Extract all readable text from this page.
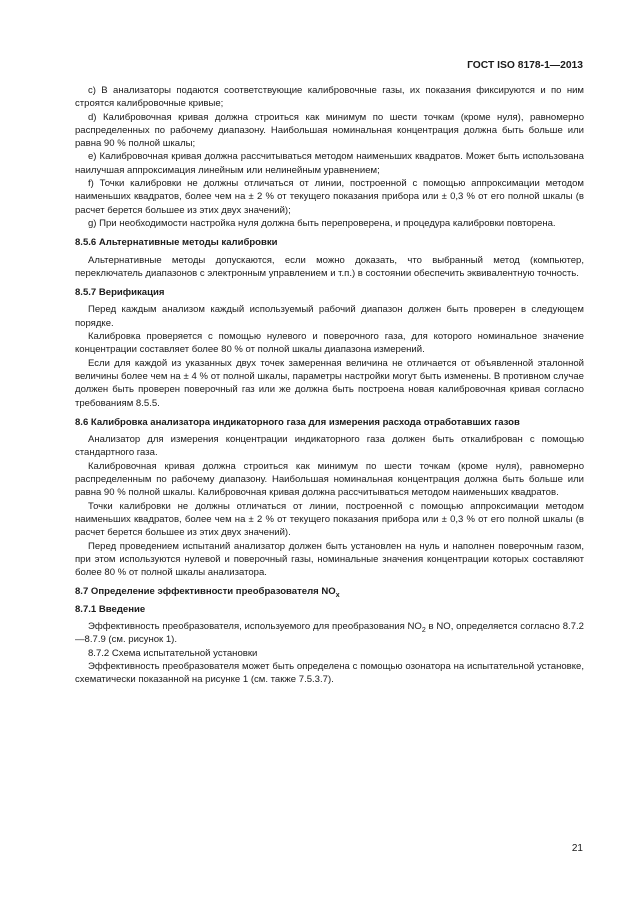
ГОСТ ISO 8178-1—2013

c) В анализаторы подаются соответствующие калибровочные газы, их показания фиксируются и по ним строятся калибровочные кривые;

d) Калибровочная кривая должна строиться как минимум по шести точкам (кроме нуля), равномерно распределенных по рабочему диапазону. Наибольшая номинальная концентрация должна быть больше или равна 90 % полной шкалы;

e) Калибровочная кривая должна рассчитываться методом наименьших квадратов. Может быть использована наилучшая аппроксимация линейным или нелинейным уравнением;

f) Точки калибровки не должны отличаться от линии, построенной с помощью аппроксимации методом наименьших квадратов, более чем на ± 2 % от текущего показания прибора или ± 0,3 % от его полной шкалы (в расчет берется большее из этих двух значений);

g) При необходимости настройка нуля должна быть перепроверена, и процедура калибровки повторена.

8.5.6 Альтернативные методы калибровки

Альтернативные методы допускаются, если можно доказать, что выбранный метод (компьютер, переключатель диапазонов с электронным управлением и т.п.) в состоянии обеспечить эквивалентную точность.

8.5.7 Верификация

Перед каждым анализом каждый используемый рабочий диапазон должен быть проверен в следующем порядке.

Калибровка проверяется с помощью нулевого и поверочного газа, для которого номинальное значение концентрации составляет более 80 % от полной шкалы диапазона измерений.

Если для каждой из указанных двух точек замеренная величина не отличается от объявленной эталонной величины более чем на ± 4 % от полной шкалы, параметры настройки могут быть изменены. В противном случае должен быть проверен поверочный газ или же должна быть построена новая калибровочная кривая согласно требованиям 8.5.5.

8.6 Калибровка анализатора индикаторного газа для измерения расхода отработавших газов

Анализатор для измерения концентрации индикаторного газа должен быть откалиброван с помощью стандартного газа.

Калибровочная кривая должна строиться как минимум по шести точкам (кроме нуля), равномерно распределенным по рабочему диапазону. Наибольшая номинальная концентрация должна быть больше или равна 90 % полной шкалы. Калибровочная кривая должна рассчитываться методом наименьших квадратов.

Точки калибровки не должны отличаться от линии, построенной с помощью аппроксимации методом наименьших квадратов, более чем на ± 2 % от текущего показания прибора или ± 0,3 % от его полной шкалы (в расчет берется большее из этих двух значений).

Перед проведением испытаний анализатор должен быть установлен на нуль и наполнен поверочным газом, при этом используются нулевой и поверочный газы, номинальные значения концентрации которых составляют более 80 % от полной шкалы анализатора.

8.7 Определение эффективности преобразователя $NO_x$

8.7.1 Введение

Эффективность преобразователя, используемого для преобразования $NO_2$ в NO, определяется согласно 8.7.2—8.7.9 (см. рисунок 1).

8.7.2 Схема испытательной установки

Эффективность преобразователя может быть определена с помощью озонатора на испытательной установке, схематически показанной на рисунке 1 (см. также 7.5.3.7).

21
